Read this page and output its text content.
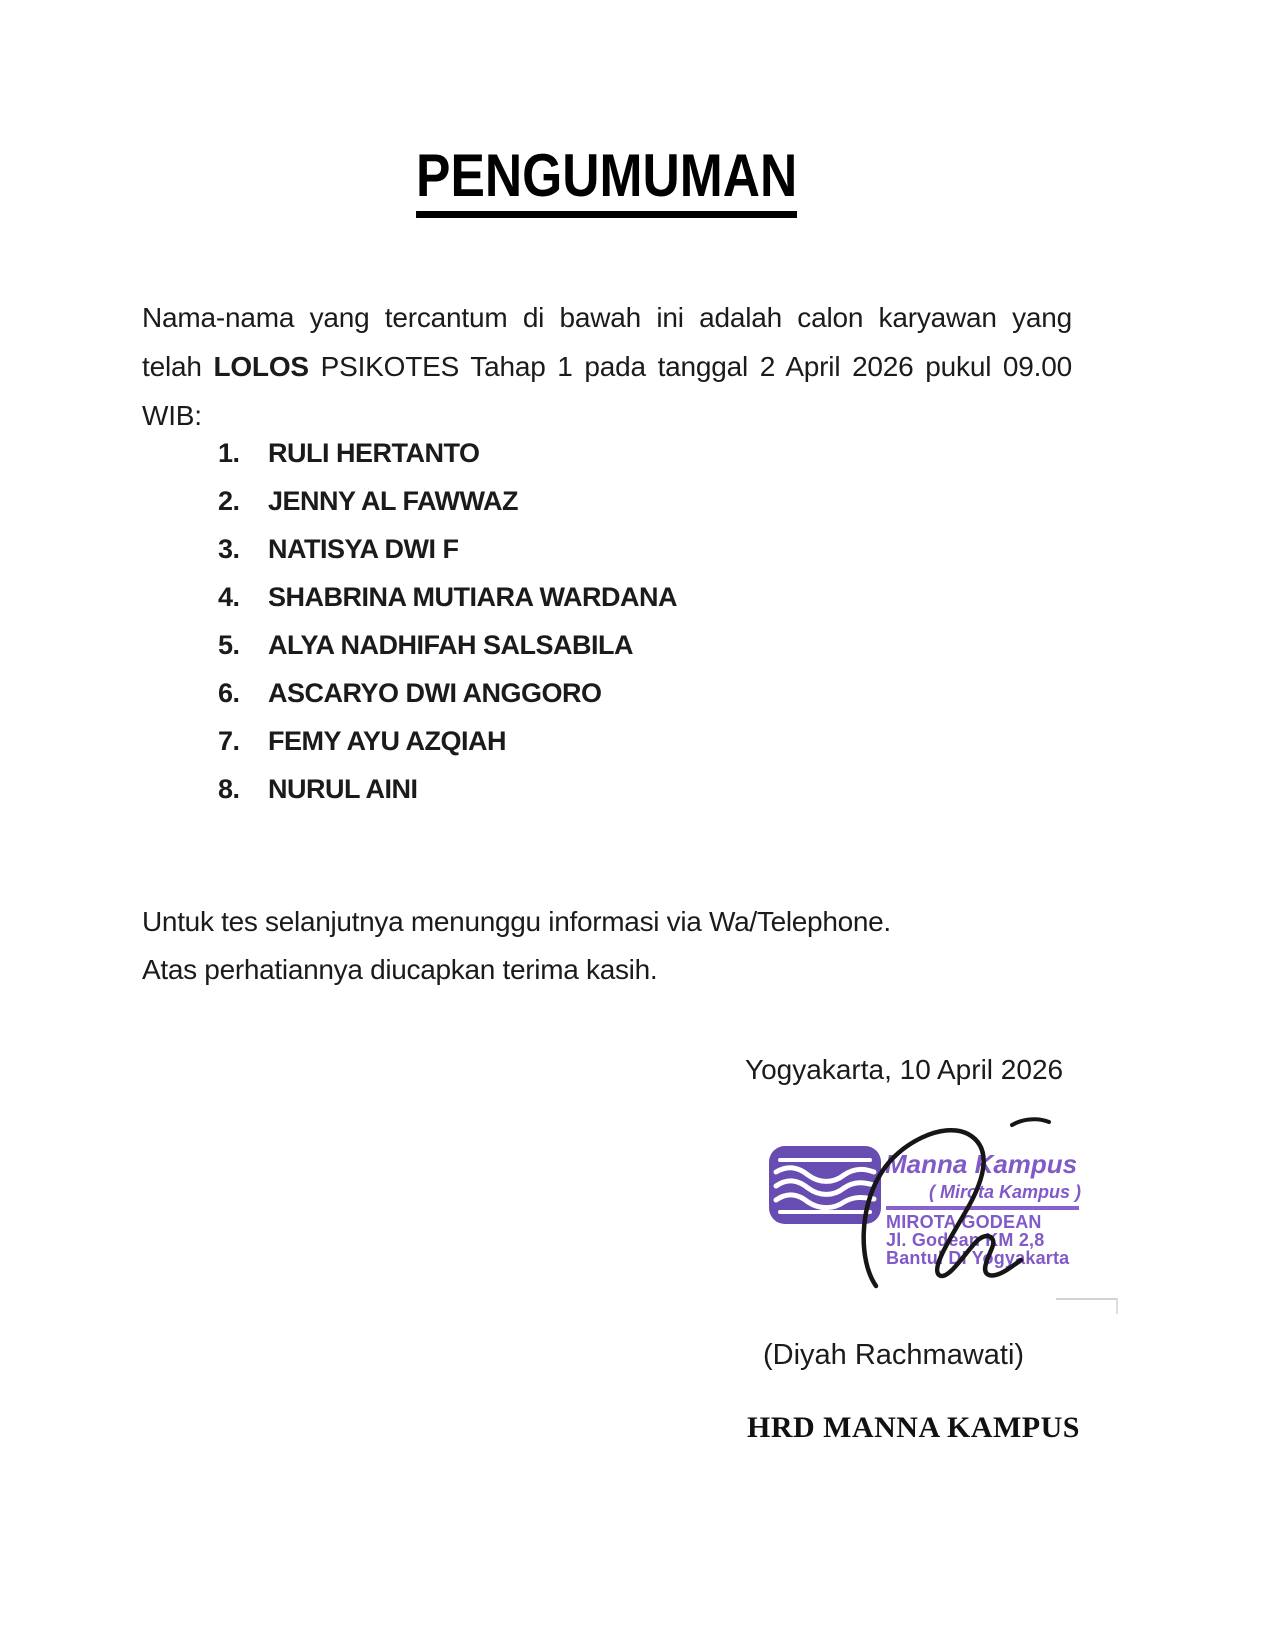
PENGUMUMAN
Nama-nama yang tercantum di bawah ini adalah calon karyawan yang
telah LOLOS PSIKOTES Tahap 1 pada tanggal 2 April 2026 pukul 09.00
WIB:
1.	RULI HERTANTO
2.	JENNY AL FAWWAZ
3.	NATISYA DWI F
4.	SHABRINA MUTIARA WARDANA
5.	ALYA NADHIFAH SALSABILA
6.	ASCARYO DWI ANGGORO
7.	FEMY AYU AZQIAH
8.	NURUL AINI
Untuk tes selanjutnya menunggu informasi via Wa/Telephone.
Atas perhatiannya diucapkan terima kasih.
Yogyakarta, 10 April 2026
Manna Kampus
( Mirota Kampus )
MIROTA GODEAN
Jl. Godean KM 2,8
Bantul DI Yogyakarta
(Diyah Rachmawati)
HRD MANNA KAMPUS
